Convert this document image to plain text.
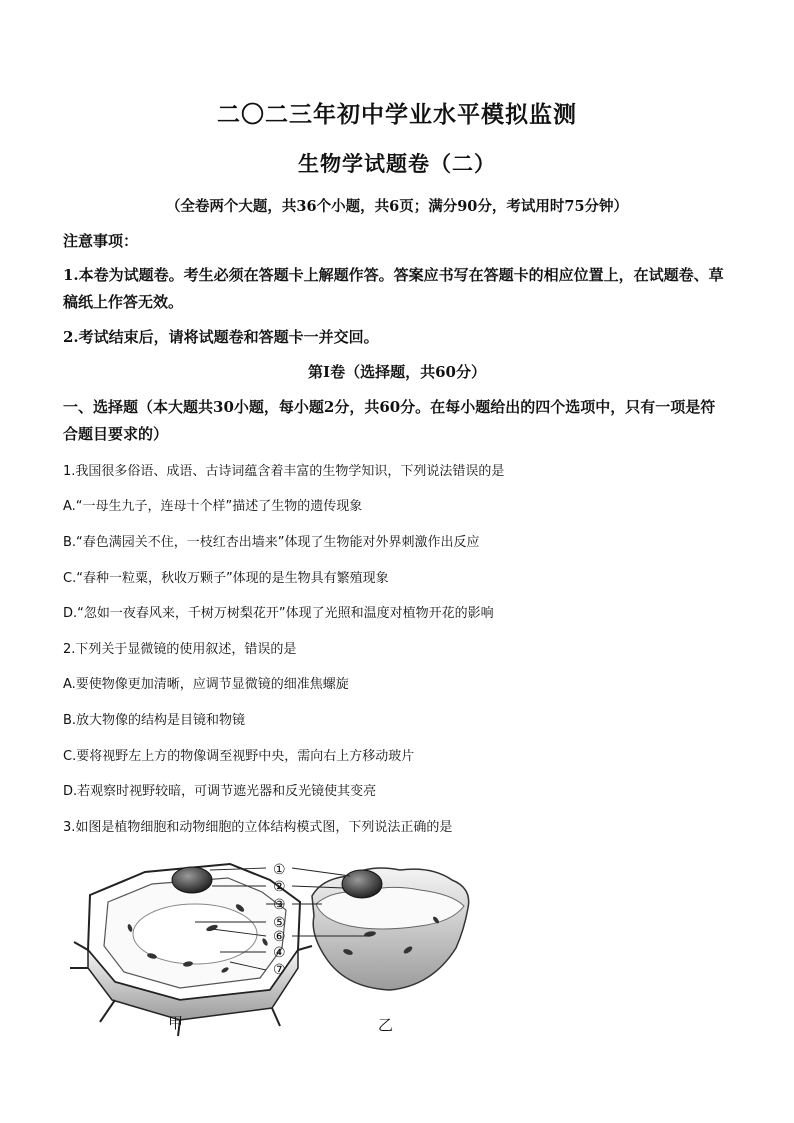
二〇二三年初中学业水平模拟监测
生物学试题卷（二）
（全卷两个大题，共36个小题，共6页；满分90分，考试用时75分钟）
注意事项：
1.本卷为试题卷。考生必须在答题卡上解题作答。答案应书写在答题卡的相应位置上，在试题卷、草稿纸上作答无效。
2.考试结束后，请将试题卷和答题卡一并交回。
第Ⅰ卷（选择题，共60分）
一、选择题（本大题共30小题，每小题2分，共60分。在每小题给出的四个选项中，只有一项是符合题目要求的）
1.我国很多俗语、成语、古诗词蕴含着丰富的生物学知识，下列说法错误的是
A.“一母生九子，连母十个样”描述了生物的遗传现象
B.“春色满园关不住，一枝红杏出墙来”体现了生物能对外界刺激作出反应
C.“春种一粒粟，秋收万颗子”体现的是生物具有繁殖现象
D.“忽如一夜春风来，千树万树梨花开”体现了光照和温度对植物开花的影响
2.下列关于显微镜的使用叙述，错误的是
A.要使物像更加清晰，应调节显微镜的细准焦螺旋
B.放大物像的结构是目镜和物镜
C.要将视野左上方的物像调至视野中央，需向右上方移动玻片
D.若观察时视野较暗，可调节遮光器和反光镜使其变亮
3.如图是植物细胞和动物细胞的立体结构模式图，下列说法正确的是
①
②
③
⑤
⑥
④
⑦
甲	乙
